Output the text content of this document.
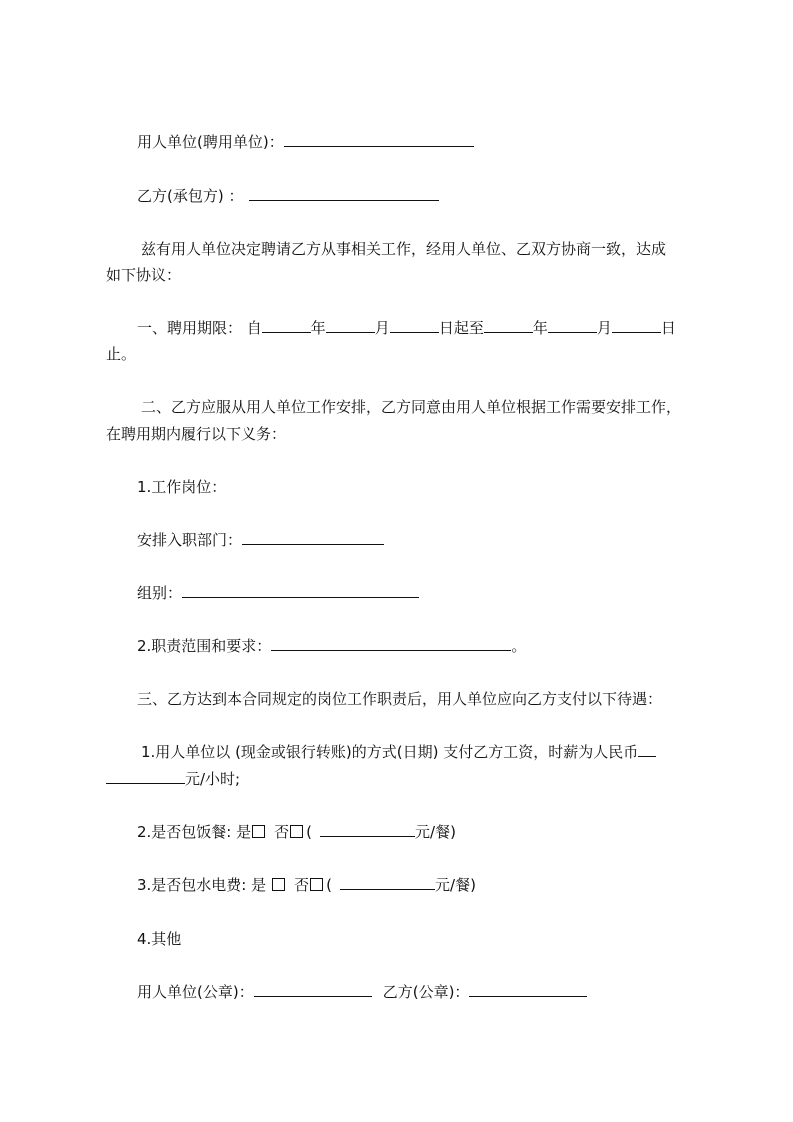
用人单位(聘用单位)：
乙方(承包方) ：
兹有用人单位决定聘请乙方从事相关工作，经用人单位、乙双方协商一致，达成
如下协议：
一、聘用期限： 自	年	月	日起至	年	月	日
止。
二、乙方应服从用人单位工作安排，乙方同意由用人单位根据工作需要安排工作，
在聘用期内履行以下义务：
1.工作岗位：
安排入职部门：
组别：
2.职责范围和要求：	。
三、乙方达到本合同规定的岗位工作职责后，用人单位应向乙方支付以下待遇：
1.用人单位以 (现金或银行转账)的方式(日期) 支付乙方工资，时薪为人民币
元/小时;
2.是否包饭餐: 是 否 (	元/餐)
3.是否包水电费: 是 否 (	元/餐)
4.其他
用人单位(公章)：	乙方(公章)：
